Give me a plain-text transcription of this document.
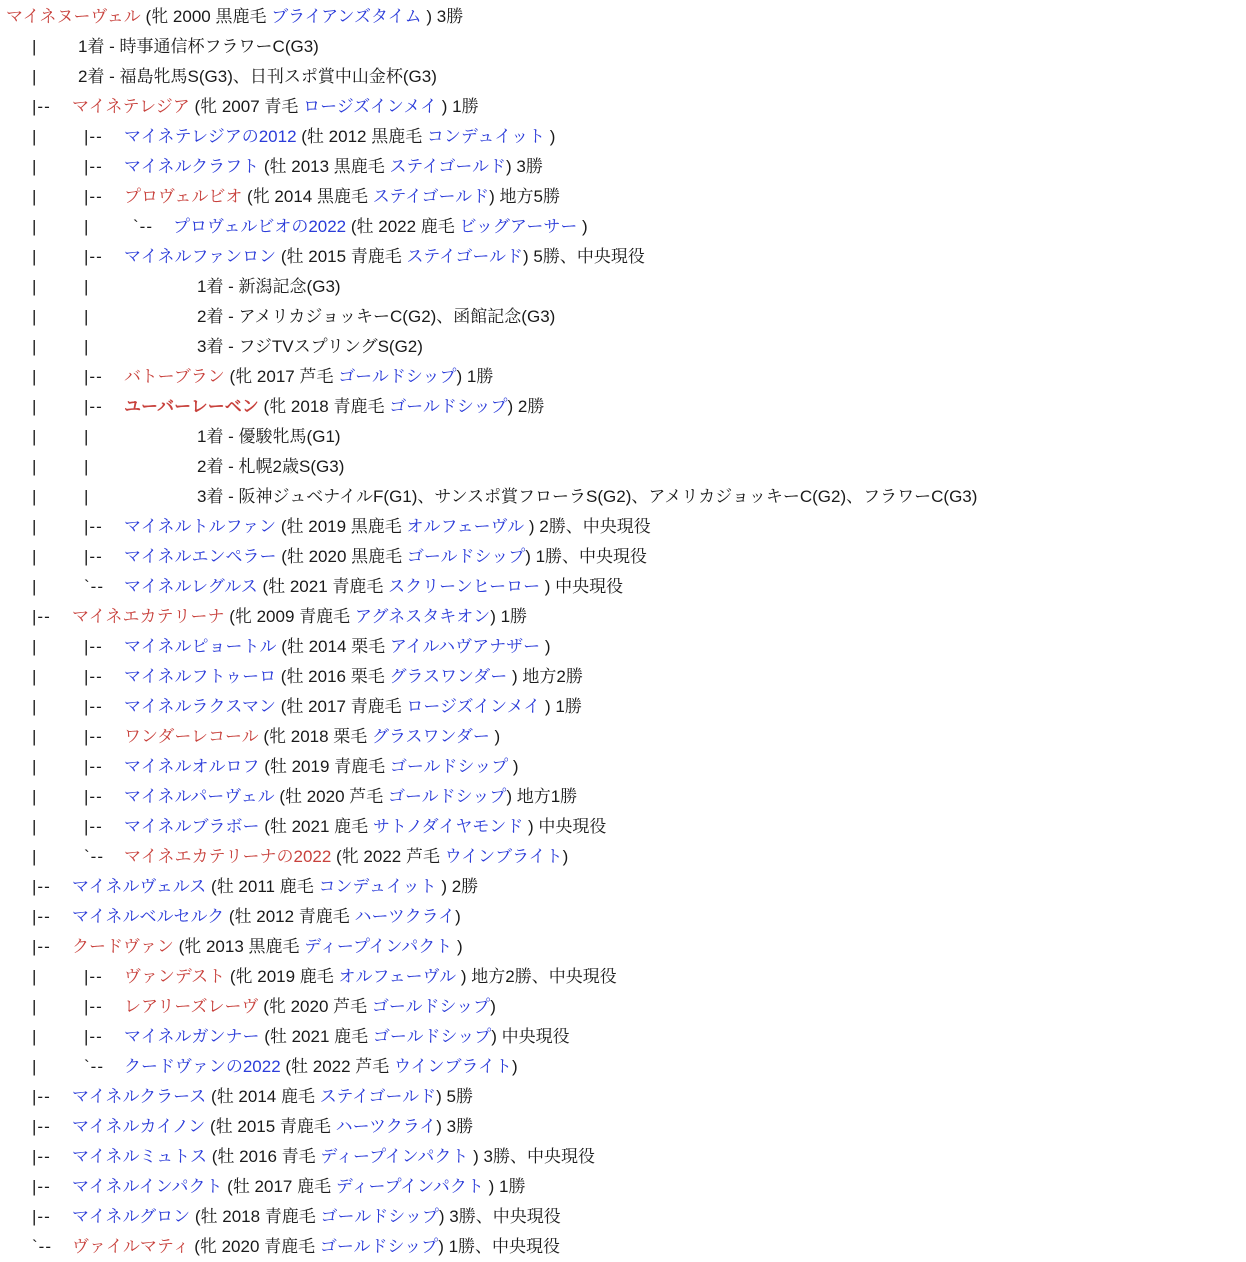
マイネヌーヴェル (牝 2000 黒鹿毛 ブライアンズタイム ) 3勝
| 1着 - 時事通信杯フラワーC(G3)
| 2着 - 福島牝馬S(G3)、日刊スポ賞中山金杯(G3)
|-- マイネテレジア (牝 2007 青毛 ロージズインメイ ) 1勝
|	|-- マイネテレジアの2012 (牡 2012 黒鹿毛 コンデュイット )
|	|-- マイネルクラフト (牡 2013 黒鹿毛 ステイゴールド) 3勝
|	|-- プロヴェルビオ (牝 2014 黒鹿毛 ステイゴールド) 地方5勝
|	|	`-- プロヴェルビオの2022 (牡 2022 鹿毛 ビッグアーサー )
|	|-- マイネルファンロン (牡 2015 青鹿毛 ステイゴールド) 5勝、中央現役
|	|	1着 - 新潟記念(G3)
|	|	2着 - アメリカジョッキーC(G2)、函館記念(G3)
|	|	3着 - フジTVスプリングS(G2)
|	|-- バトーブラン (牝 2017 芦毛 ゴールドシップ) 1勝
|	|-- ユーバーレーベン (牝 2018 青鹿毛 ゴールドシップ) 2勝
|	|	1着 - 優駿牝馬(G1)
|	|	2着 - 札幌2歳S(G3)
|	|	3着 - 阪神ジュベナイルF(G1)、サンスポ賞フローラS(G2)、アメリカジョッキーC(G2)、フラワーC(G3)
|	|-- マイネルトルファン (牡 2019 黒鹿毛 オルフェーヴル ) 2勝、中央現役
|	|-- マイネルエンペラー (牡 2020 黒鹿毛 ゴールドシップ) 1勝、中央現役
|	`-- マイネルレグルス (牡 2021 青鹿毛 スクリーンヒーロー ) 中央現役
|-- マイネエカテリーナ (牝 2009 青鹿毛 アグネスタキオン) 1勝
|	|-- マイネルピョートル (牡 2014 栗毛 アイルハヴアナザー )
|	|-- マイネルフトゥーロ (牡 2016 栗毛 グラスワンダー ) 地方2勝
|	|-- マイネルラクスマン (牡 2017 青鹿毛 ロージズインメイ ) 1勝
|	|-- ワンダーレコール (牝 2018 栗毛 グラスワンダー )
|	|-- マイネルオルロフ (牡 2019 青鹿毛 ゴールドシップ )
|	|-- マイネルパーヴェル (牡 2020 芦毛 ゴールドシップ) 地方1勝
|	|-- マイネルブラボー (牡 2021 鹿毛 サトノダイヤモンド ) 中央現役
|	`-- マイネエカテリーナの2022 (牝 2022 芦毛 ウインブライト)
|-- マイネルヴェルス (牡 2011 鹿毛 コンデュイット ) 2勝
|-- マイネルベルセルク (牡 2012 青鹿毛 ハーツクライ)
|-- クードヴァン (牝 2013 黒鹿毛 ディープインパクト )
|	|-- ヴァンデスト (牝 2019 鹿毛 オルフェーヴル ) 地方2勝、中央現役
|	|-- レアリーズレーヴ (牝 2020 芦毛 ゴールドシップ)
|	|-- マイネルガンナー (牡 2021 鹿毛 ゴールドシップ) 中央現役
|	`-- クードヴァンの2022 (牡 2022 芦毛 ウインブライト)
|-- マイネルクラース (牡 2014 鹿毛 ステイゴールド) 5勝
|-- マイネルカイノン (牡 2015 青鹿毛 ハーツクライ) 3勝
|-- マイネルミュトス (牡 2016 青毛 ディープインパクト ) 3勝、中央現役
|-- マイネルインパクト (牡 2017 鹿毛 ディープインパクト ) 1勝
|-- マイネルグロン (牡 2018 青鹿毛 ゴールドシップ) 3勝、中央現役
`-- ヴァイルマティ (牝 2020 青鹿毛 ゴールドシップ) 1勝、中央現役
